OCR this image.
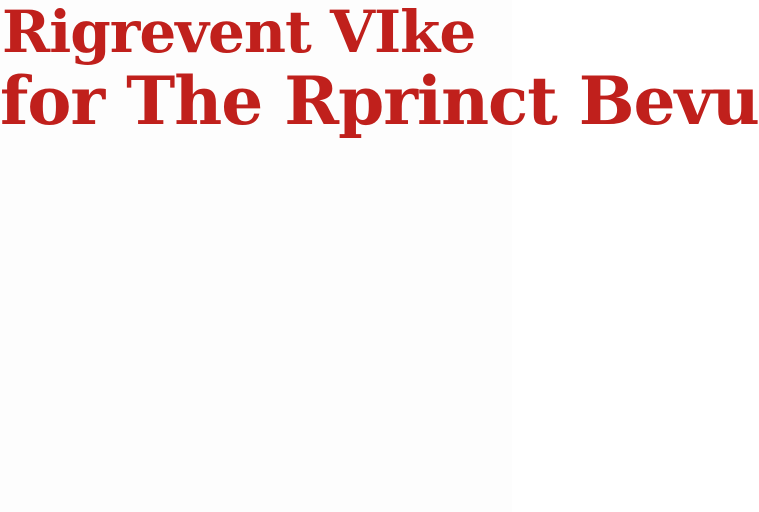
Rigrevent VIke

for The Rprinct Bevu
